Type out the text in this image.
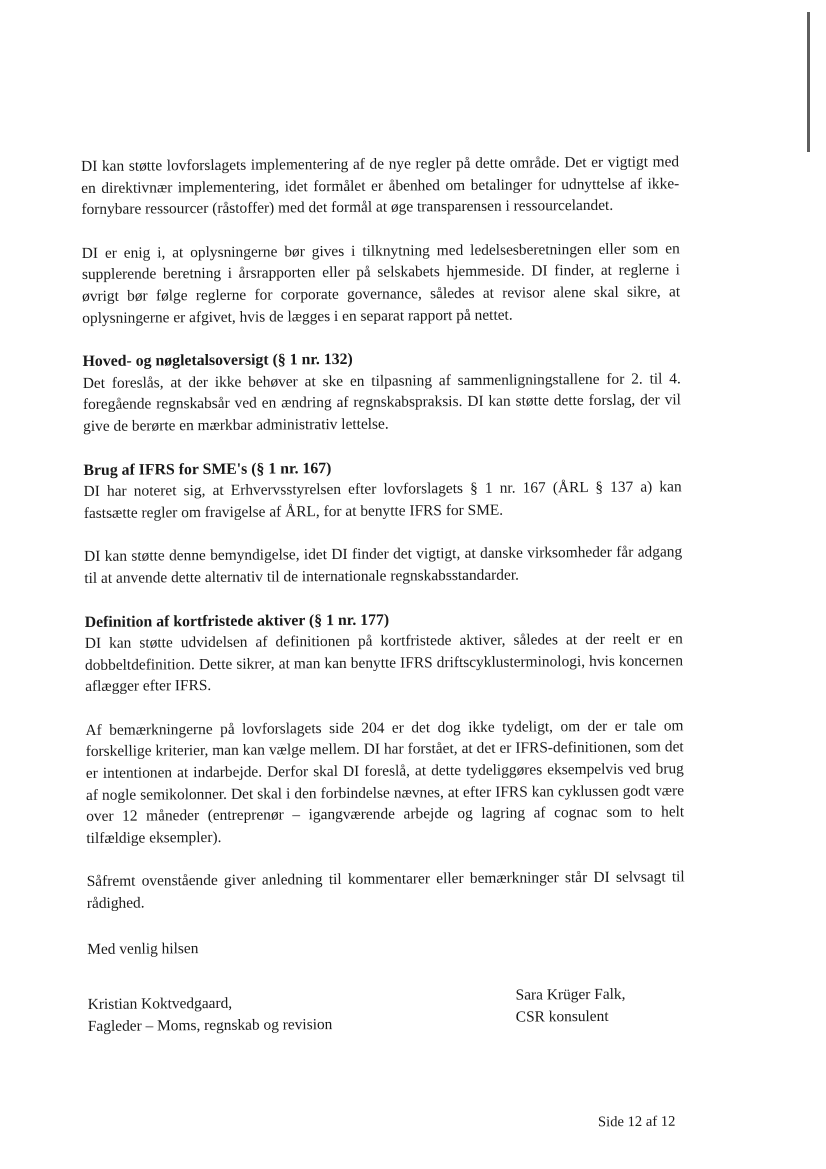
DI kan støtte lovforslagets implementering af de nye regler på dette område. Det er vigtigt med en direktivnær implementering, idet formålet er åbenhed om betalinger for udnyttelse af ikke-fornybare ressourcer (råstoffer) med det formål at øge transparensen i ressourcelandet.

DI er enig i, at oplysningerne bør gives i tilknytning med ledelsesberetningen eller som en supplerende beretning i årsrapporten eller på selskabets hjemmeside. DI finder, at reglerne i øvrigt bør følge reglerne for corporate governance, således at revisor alene skal sikre, at oplysningerne er afgivet, hvis de lægges i en separat rapport på nettet.

Hoved- og nøgletalsoversigt (§ 1 nr. 132)

Det foreslås, at der ikke behøver at ske en tilpasning af sammenligningstallene for 2. til 4. foregående regnskabsår ved en ændring af regnskabspraksis. DI kan støtte dette forslag, der vil give de berørte en mærkbar administrativ lettelse.

Brug af IFRS for SME's (§ 1 nr. 167)

DI har noteret sig, at Erhvervsstyrelsen efter lovforslagets § 1 nr. 167 (ÅRL § 137 a) kan fastsætte regler om fravigelse af ÅRL, for at benytte IFRS for SME.

DI kan støtte denne bemyndigelse, idet DI finder det vigtigt, at danske virksomheder får adgang til at anvende dette alternativ til de internationale regnskabsstandarder.

Definition af kortfristede aktiver (§ 1 nr. 177)

DI kan støtte udvidelsen af definitionen på kortfristede aktiver, således at der reelt er en dobbeltdefinition. Dette sikrer, at man kan benytte IFRS driftscyklusterminologi, hvis koncernen aflægger efter IFRS.

Af bemærkningerne på lovforslagets side 204 er det dog ikke tydeligt, om der er tale om forskellige kriterier, man kan vælge mellem. DI har forstået, at det er IFRS-definitionen, som det er intentionen at indarbejde. Derfor skal DI foreslå, at dette tydeliggøres eksempelvis ved brug af nogle semikolonner. Det skal i den forbindelse nævnes, at efter IFRS kan cyklussen godt være over 12 måneder (entreprenør – igangværende arbejde og lagring af cognac som to helt tilfældige eksempler).

Såfremt ovenstående giver anledning til kommentarer eller bemærkninger står DI selvsagt til rådighed.

Med venlig hilsen

Kristian Koktvedgaard,
Fagleder – Moms, regnskab og revision
Sara Krüger Falk,
CSR konsulent
Side 12 af 12
